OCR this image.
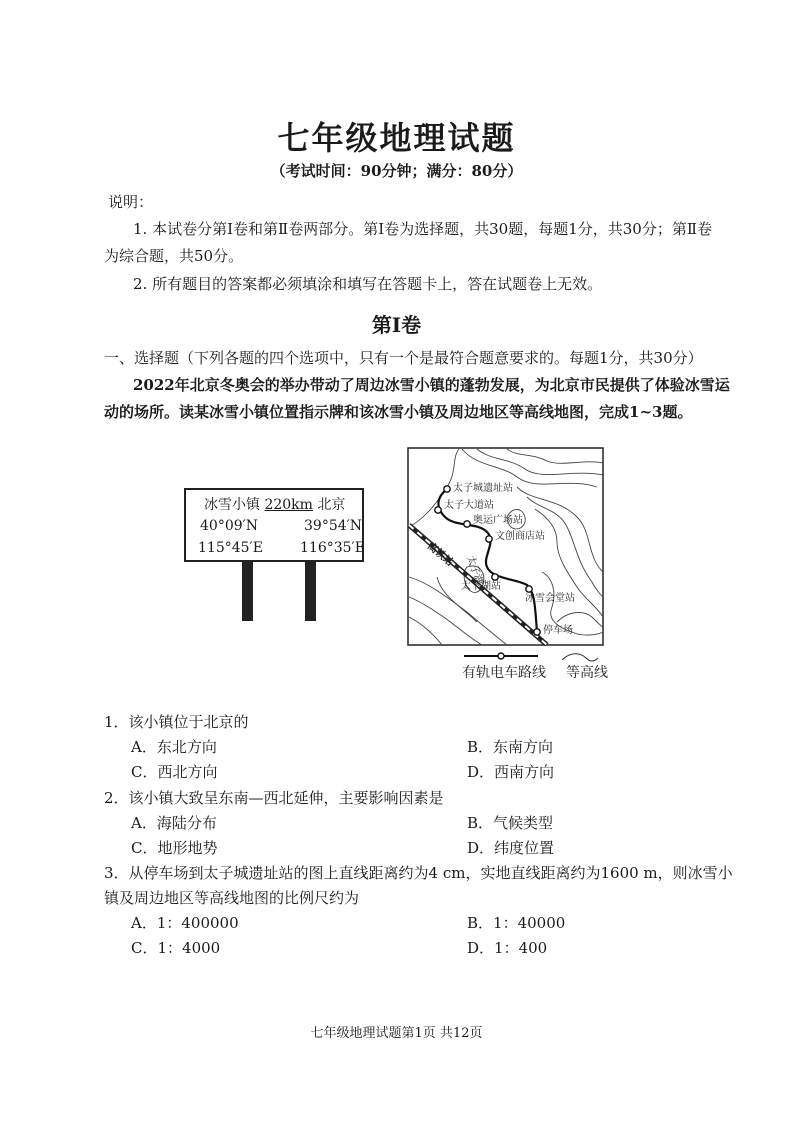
七年级地理试题
（考试时间：90分钟；满分：80分）
说明：
1. 本试卷分第Ⅰ卷和第Ⅱ卷两部分。第Ⅰ卷为选择题，共30题，每题1分，共30分；第Ⅱ卷
为综合题，共50分。
2. 所有题目的答案都必须填涂和填写在答题卡上，答在试题卷上无效。
第Ⅰ卷
一、选择题（下列各题的四个选项中，只有一个是最符合题意要求的。每题1分，共30分）
2022年北京冬奥会的举办带动了周边冰雪小镇的蓬勃发展，为北京市民提供了体验冰雪运
动的场所。读某冰雪小镇位置指示牌和该冰雪小镇及周边地区等高线地图，完成1~3题。
冰雪小镇 220km 北京
40°09′N	39°54′N
115°45′E	116°35′E	高铁站
太子城遗址站
太子大道站
奥运广场站
文创商店站
太下湖站
冰雪会堂站
停车场
太子湖
有轨电车路线 等高线
1．该小镇位于北京的
A．东北方向	B．东南方向
C．西北方向	D．西南方向
2．该小镇大致呈东南—西北延伸，主要影响因素是
A．海陆分布	B．气候类型
C．地形地势	D．纬度位置
3．从停车场到太子城遗址站的图上直线距离约为4 cm，实地直线距离约为1600 m，则冰雪小
镇及周边地区等高线地图的比例尺约为
A．1：400000	B．1：40000
C．1：4000	D．1：400
七年级地理试题第1页 共12页
